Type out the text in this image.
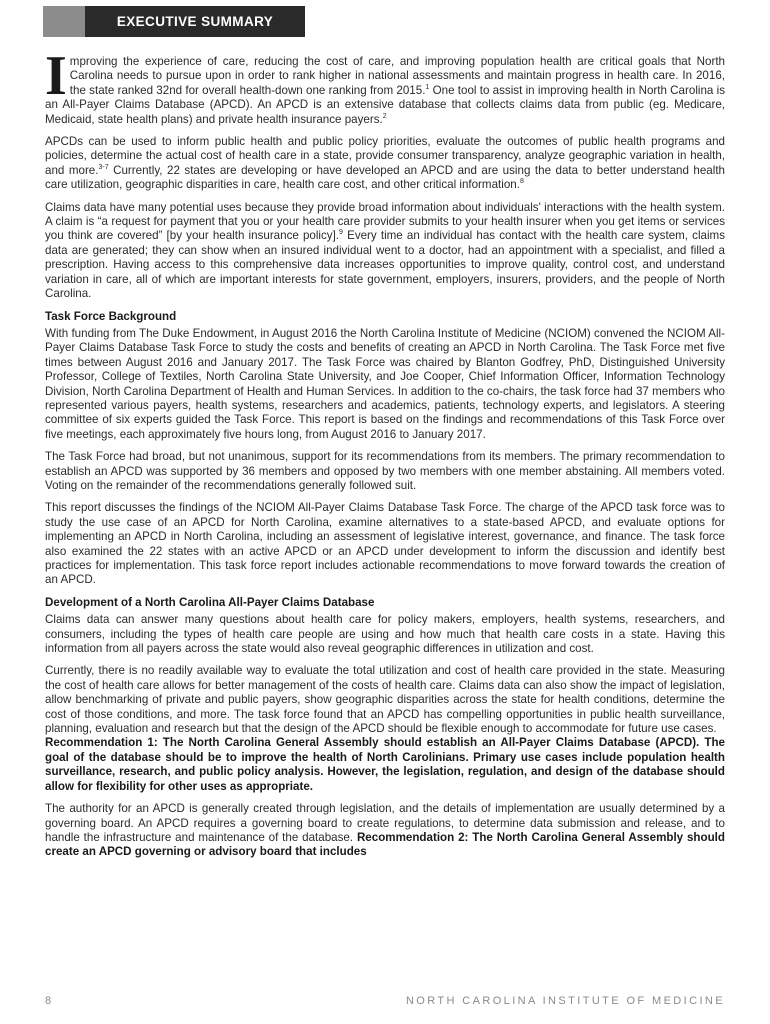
EXECUTIVE SUMMARY

Improving the experience of care, reducing the cost of care, and improving population health are critical goals that North Carolina needs to pursue upon in order to rank higher in national assessments and maintain progress in health care. In 2016, the state ranked 32nd for overall health-down one ranking from 2015.$^1$ One tool to assist in improving health in North Carolina is an All-Payer Claims Database (APCD). An APCD is an extensive database that collects claims data from public (eg. Medicare, Medicaid, state health plans) and private health insurance payers.$^2$

APCDs can be used to inform public health and public policy priorities, evaluate the outcomes of public health programs and policies, determine the actual cost of health care in a state, provide consumer transparency, analyze geographic variation in health, and more.$^{3-7}$ Currently, 22 states are developing or have developed an APCD and are using the data to better understand health care utilization, geographic disparities in care, health care cost, and other critical information.$^8$

Claims data have many potential uses because they provide broad information about individuals' interactions with the health system. A claim is “a request for payment that you or your health care provider submits to your health insurer when you get items or services you think are covered” [by your health insurance policy].$^9$ Every time an individual has contact with the health care system, claims data are generated; they can show when an insured individual went to a doctor, had an appointment with a specialist, and filled a prescription. Having access to this comprehensive data increases opportunities to improve quality, control cost, and understand variation in care, all of which are important interests for state government, employers, insurers, providers, and the people of North Carolina.

Task Force Background

With funding from The Duke Endowment, in August 2016 the North Carolina Institute of Medicine (NCIOM) convened the NCIOM All-Payer Claims Database Task Force to study the costs and benefits of creating an APCD in North Carolina. The Task Force met five times between August 2016 and January 2017. The Task Force was chaired by Blanton Godfrey, PhD, Distinguished University Professor, College of Textiles, North Carolina State University, and Joe Cooper, Chief Information Officer, Information Technology Division, North Carolina Department of Health and Human Services. In addition to the co-chairs, the task force had 37 members who represented various payers, health systems, researchers and academics, patients, technology experts, and legislators. A steering committee of six experts guided the Task Force. This report is based on the findings and recommendations of this Task Force over five meetings, each approximately five hours long, from August 2016 to January 2017.

The Task Force had broad, but not unanimous, support for its recommendations from its members. The primary recommendation to establish an APCD was supported by 36 members and opposed by two members with one member abstaining. All members voted. Voting on the remainder of the recommendations generally followed suit.

This report discusses the findings of the NCIOM All-Payer Claims Database Task Force. The charge of the APCD task force was to study the use case of an APCD for North Carolina, examine alternatives to a state-based APCD, and evaluate options for implementing an APCD in North Carolina, including an assessment of legislative interest, governance, and finance. The task force also examined the 22 states with an active APCD or an APCD under development to inform the discussion and identify best practices for implementation. This task force report includes actionable recommendations to move forward towards the creation of an APCD.

Development of a North Carolina All-Payer Claims Database

Claims data can answer many questions about health care for policy makers, employers, health systems, researchers, and consumers, including the types of health care people are using and how much that health care costs in a state. Having this information from all payers across the state would also reveal geographic differences in utilization and cost.

Currently, there is no readily available way to evaluate the total utilization and cost of health care provided in the state. Measuring the cost of health care allows for better management of the costs of health care. Claims data can also show the impact of legislation, allow benchmarking of private and public payers, show geographic disparities across the state for health conditions, determine the cost of those conditions, and more. The task force found that an APCD has compelling opportunities in public health surveillance, planning, evaluation and research but that the design of the APCD should be flexible enough to accommodate for future use cases.

Recommendation 1: The North Carolina General Assembly should establish an All-Payer Claims Database (APCD). The goal of the database should be to improve the health of North Carolinians. Primary use cases include population health surveillance, research, and public policy analysis. However, the legislation, regulation, and design of the database should allow for flexibility for other uses as appropriate.

The authority for an APCD is generally created through legislation, and the details of implementation are usually determined by a governing board. An APCD requires a governing board to create regulations, to determine data submission and release, and to handle the infrastructure and maintenance of the database. Recommendation 2: The North Carolina General Assembly should create an APCD governing or advisory board that includes

8	NORTH CAROLINA INSTITUTE OF MEDICINE
